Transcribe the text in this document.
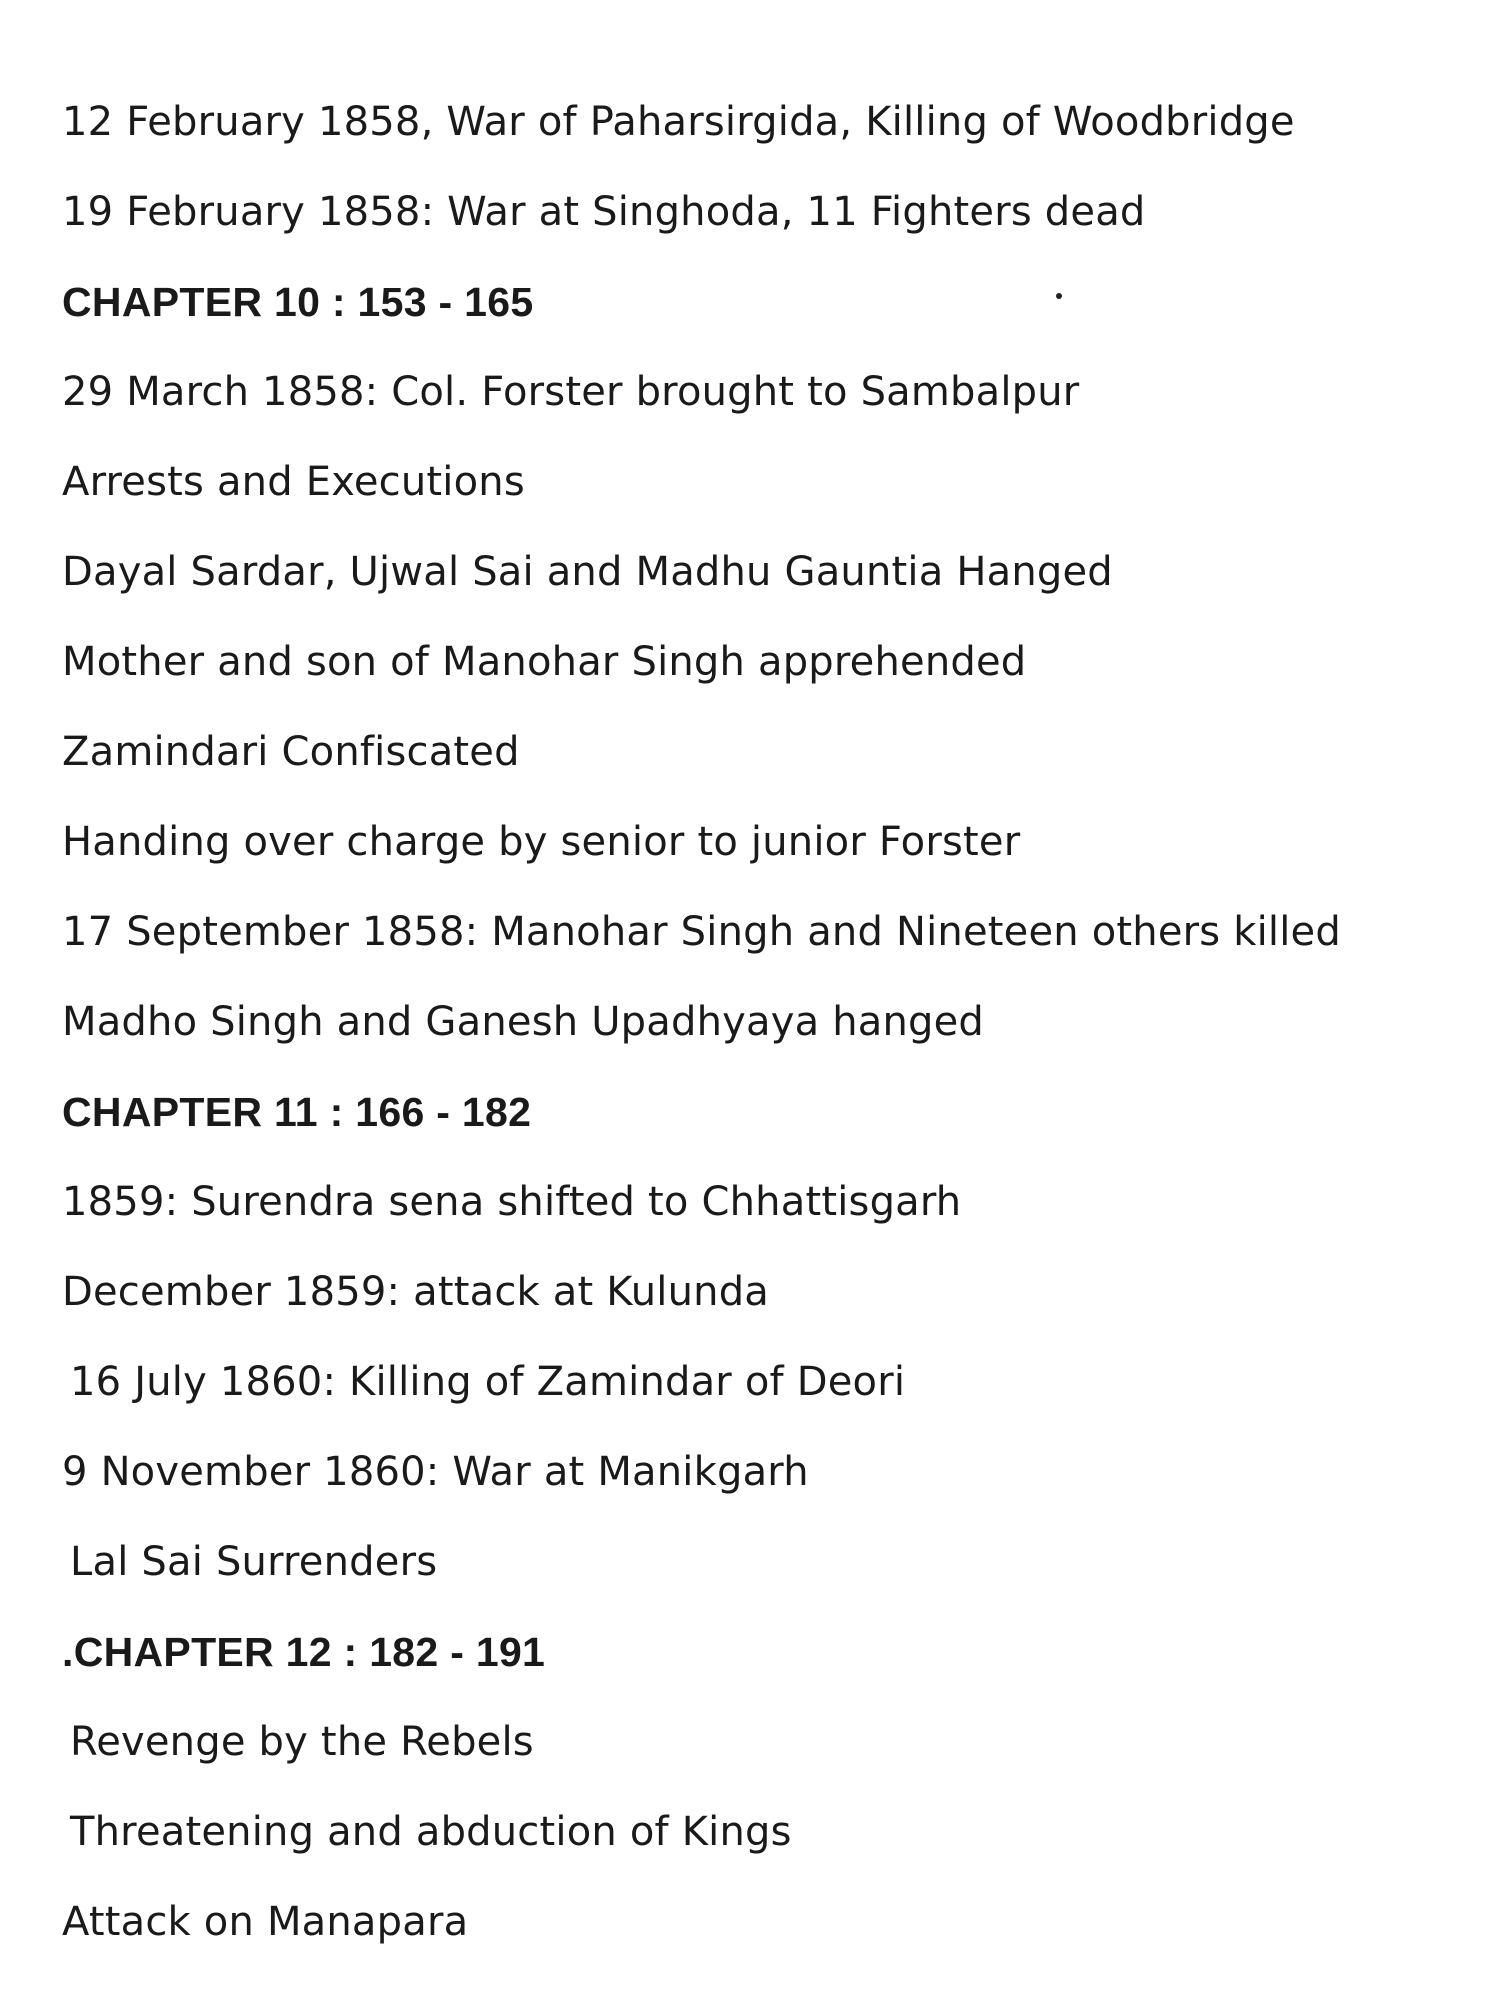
12 February 1858, War of Paharsirgida, Killing of Woodbridge
19 February 1858: War at Singhoda, 11 Fighters dead
CHAPTER 10 : 153 - 165
29 March 1858: Col. Forster brought to Sambalpur
Arrests and Executions
Dayal Sardar, Ujwal Sai and Madhu Gauntia Hanged
Mother and son of Manohar Singh apprehended
Zamindari Confiscated
Handing over charge by senior to junior Forster
17 September 1858: Manohar Singh and Nineteen others killed
Madho Singh and Ganesh Upadhyaya hanged
CHAPTER 11 : 166 - 182
1859: Surendra sena shifted to Chhattisgarh
December 1859: attack at Kulunda
16 July 1860: Killing of Zamindar of Deori
9 November 1860: War at Manikgarh
Lal Sai Surrenders
.CHAPTER 12 : 182 - 191
Revenge by the Rebels
Threatening and abduction of Kings
Attack on Manapara
